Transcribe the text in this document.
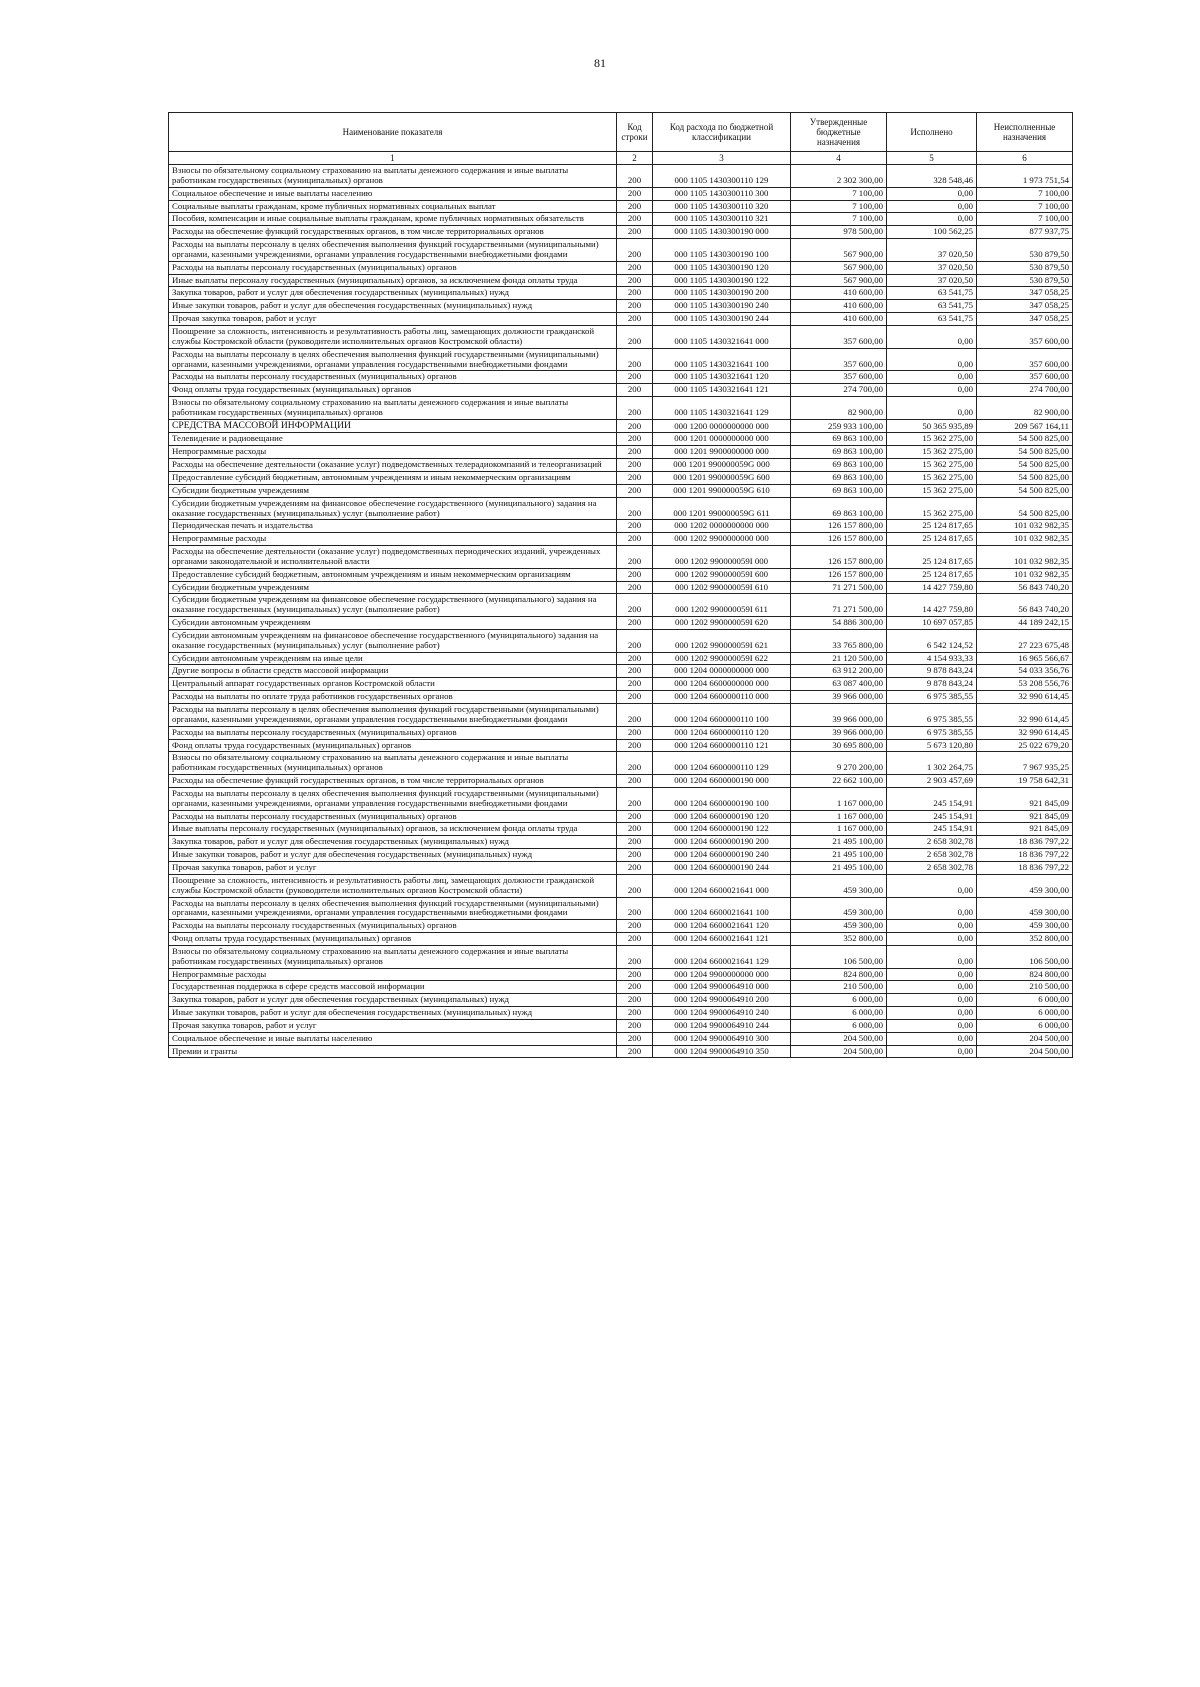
81
Наименование показателя	Код строки	Код расхода по бюджетной классификации	Утвержденные бюджетные назначения	Исполнено	Неисполненные назначения
1	2	3	4	5	6
Взносы по обязательному социальному страхованию на выплаты денежного содержания и иные выплаты работникам государственных (муниципальных) органов	200	000 1105 1430300110 129	2 302 300,00	328 548,46	1 973 751,54
Социальное обеспечение и иные выплаты населению	200	000 1105 1430300110 300	7 100,00	0,00	7 100,00
Социальные выплаты гражданам, кроме публичных нормативных социальных выплат	200	000 1105 1430300110 320	7 100,00	0,00	7 100,00
Пособия, компенсации и иные социальные выплаты гражданам, кроме публичных нормативных обязательств	200	000 1105 1430300110 321	7 100,00	0,00	7 100,00
Расходы на обеспечение функций государственных органов, в том числе территориальных органов	200	000 1105 1430300190 000	978 500,00	100 562,25	877 937,75
Расходы на выплаты персоналу в целях обеспечения выполнения функций государственными (муниципальными) органами, казенными учреждениями, органами управления государственными внебюджетными фондами	200	000 1105 1430300190 100	567 900,00	37 020,50	530 879,50
Расходы на выплаты персоналу государственных (муниципальных) органов	200	000 1105 1430300190 120	567 900,00	37 020,50	530 879,50
Иные выплаты персоналу государственных (муниципальных) органов, за исключением фонда оплаты труда	200	000 1105 1430300190 122	567 900,00	37 020,50	530 879,50
Закупка товаров, работ и услуг для обеспечения государственных (муниципальных) нужд	200	000 1105 1430300190 200	410 600,00	63 541,75	347 058,25
Иные закупки товаров, работ и услуг для обеспечения государственных (муниципальных) нужд	200	000 1105 1430300190 240	410 600,00	63 541,75	347 058,25
Прочая закупка товаров, работ и услуг	200	000 1105 1430300190 244	410 600,00	63 541,75	347 058,25
Поощрение за сложность, интенсивность и результативность работы лиц, замещающих должности гражданской службы Костромской области (руководители исполнительных органов Костромской области)	200	000 1105 1430321641 000	357 600,00	0,00	357 600,00
Расходы на выплаты персоналу в целях обеспечения выполнения функций государственными (муниципальными) органами, казенными учреждениями, органами управления государственными внебюджетными фондами	200	000 1105 1430321641 100	357 600,00	0,00	357 600,00
Расходы на выплаты персоналу государственных (муниципальных) органов	200	000 1105 1430321641 120	357 600,00	0,00	357 600,00
Фонд оплаты труда государственных (муниципальных) органов	200	000 1105 1430321641 121	274 700,00	0,00	274 700,00
Взносы по обязательному социальному страхованию на выплаты денежного содержания и иные выплаты работникам государственных (муниципальных) органов	200	000 1105 1430321641 129	82 900,00	0,00	82 900,00
СРЕДСТВА МАССОВОЙ ИНФОРМАЦИИ	200	000 1200 0000000000 000	259 933 100,00	50 365 935,89	209 567 164,11
Телевидение и радиовещание	200	000 1201 0000000000 000	69 863 100,00	15 362 275,00	54 500 825,00
Непрограммные расходы	200	000 1201 9900000000 000	69 863 100,00	15 362 275,00	54 500 825,00
Расходы на обеспечение деятельности (оказание услуг) подведомственных телерадиокомпаний и телеорганизаций	200	000 1201 990000059G 000	69 863 100,00	15 362 275,00	54 500 825,00
Предоставление субсидий бюджетным, автономным учреждениям и иным некоммерческим организациям	200	000 1201 990000059G 600	69 863 100,00	15 362 275,00	54 500 825,00
Субсидии бюджетным учреждениям	200	000 1201 990000059G 610	69 863 100,00	15 362 275,00	54 500 825,00
Субсидии бюджетным учреждениям на финансовое обеспечение государственного (муниципального) задания на оказание государственных (муниципальных) услуг (выполнение работ)	200	000 1201 990000059G 611	69 863 100,00	15 362 275,00	54 500 825,00
Периодическая печать и издательства	200	000 1202 0000000000 000	126 157 800,00	25 124 817,65	101 032 982,35
Непрограммные расходы	200	000 1202 9900000000 000	126 157 800,00	25 124 817,65	101 032 982,35
Расходы на обеспечение деятельности (оказание услуг) подведомственных периодических изданий, учрежденных органами законодательной и исполнительной власти	200	000 1202 990000059I 000	126 157 800,00	25 124 817,65	101 032 982,35
Предоставление субсидий бюджетным, автономным учреждениям и иным некоммерческим организациям	200	000 1202 990000059I 600	126 157 800,00	25 124 817,65	101 032 982,35
Субсидии бюджетным учреждениям	200	000 1202 990000059I 610	71 271 500,00	14 427 759,80	56 843 740,20
Субсидии бюджетным учреждениям на финансовое обеспечение государственного (муниципального) задания на оказание государственных (муниципальных) услуг (выполнение работ)	200	000 1202 990000059I 611	71 271 500,00	14 427 759,80	56 843 740,20
Субсидии автономным учреждениям	200	000 1202 990000059I 620	54 886 300,00	10 697 057,85	44 189 242,15
Субсидии автономным учреждениям на финансовое обеспечение государственного (муниципального) задания на оказание государственных (муниципальных) услуг (выполнение работ)	200	000 1202 990000059I 621	33 765 800,00	6 542 124,52	27 223 675,48
Субсидии автономным учреждениям на иные цели	200	000 1202 990000059I 622	21 120 500,00	4 154 933,33	16 965 566,67
Другие вопросы в области средств массовой информации	200	000 1204 0000000000 000	63 912 200,00	9 878 843,24	54 033 356,76
Центральный аппарат государственных органов Костромской области	200	000 1204 6600000000 000	63 087 400,00	9 878 843,24	53 208 556,76
Расходы на выплаты по оплате труда работников государственных органов	200	000 1204 6600000110 000	39 966 000,00	6 975 385,55	32 990 614,45
Расходы на выплаты персоналу в целях обеспечения выполнения функций государственными (муниципальными) органами, казенными учреждениями, органами управления государственными внебюджетными фондами	200	000 1204 6600000110 100	39 966 000,00	6 975 385,55	32 990 614,45
Расходы на выплаты персоналу государственных (муниципальных) органов	200	000 1204 6600000110 120	39 966 000,00	6 975 385,55	32 990 614,45
Фонд оплаты труда государственных (муниципальных) органов	200	000 1204 6600000110 121	30 695 800,00	5 673 120,80	25 022 679,20
Взносы по обязательному социальному страхованию на выплаты денежного содержания и иные выплаты работникам государственных (муниципальных) органов	200	000 1204 6600000110 129	9 270 200,00	1 302 264,75	7 967 935,25
Расходы на обеспечение функций государственных органов, в том числе территориальных органов	200	000 1204 6600000190 000	22 662 100,00	2 903 457,69	19 758 642,31
Расходы на выплаты персоналу в целях обеспечения выполнения функций государственными (муниципальными) органами, казенными учреждениями, органами управления государственными внебюджетными фондами	200	000 1204 6600000190 100	1 167 000,00	245 154,91	921 845,09
Расходы на выплаты персоналу государственных (муниципальных) органов	200	000 1204 6600000190 120	1 167 000,00	245 154,91	921 845,09
Иные выплаты персоналу государственных (муниципальных) органов, за исключением фонда оплаты труда	200	000 1204 6600000190 122	1 167 000,00	245 154,91	921 845,09
Закупка товаров, работ и услуг для обеспечения государственных (муниципальных) нужд	200	000 1204 6600000190 200	21 495 100,00	2 658 302,78	18 836 797,22
Иные закупки товаров, работ и услуг для обеспечения государственных (муниципальных) нужд	200	000 1204 6600000190 240	21 495 100,00	2 658 302,78	18 836 797,22
Прочая закупка товаров, работ и услуг	200	000 1204 6600000190 244	21 495 100,00	2 658 302,78	18 836 797,22
Поощрение за сложность, интенсивность и результативность работы лиц, замещающих должности гражданской службы Костромской области (руководители исполнительных органов Костромской области)	200	000 1204 6600021641 000	459 300,00	0,00	459 300,00
Расходы на выплаты персоналу в целях обеспечения выполнения функций государственными (муниципальными) органами, казенными учреждениями, органами управления государственными внебюджетными фондами	200	000 1204 6600021641 100	459 300,00	0,00	459 300,00
Расходы на выплаты персоналу государственных (муниципальных) органов	200	000 1204 6600021641 120	459 300,00	0,00	459 300,00
Фонд оплаты труда государственных (муниципальных) органов	200	000 1204 6600021641 121	352 800,00	0,00	352 800,00
Взносы по обязательному социальному страхованию на выплаты денежного содержания и иные выплаты работникам государственных (муниципальных) органов	200	000 1204 6600021641 129	106 500,00	0,00	106 500,00
Непрограммные расходы	200	000 1204 9900000000 000	824 800,00	0,00	824 800,00
Государственная поддержка в сфере средств массовой информации	200	000 1204 9900064910 000	210 500,00	0,00	210 500,00
Закупка товаров, работ и услуг для обеспечения государственных (муниципальных) нужд	200	000 1204 9900064910 200	6 000,00	0,00	6 000,00
Иные закупки товаров, работ и услуг для обеспечения государственных (муниципальных) нужд	200	000 1204 9900064910 240	6 000,00	0,00	6 000,00
Прочая закупка товаров, работ и услуг	200	000 1204 9900064910 244	6 000,00	0,00	6 000,00
Социальное обеспечение и иные выплаты населению	200	000 1204 9900064910 300	204 500,00	0,00	204 500,00
Премии и гранты	200	000 1204 9900064910 350	204 500,00	0,00	204 500,00
